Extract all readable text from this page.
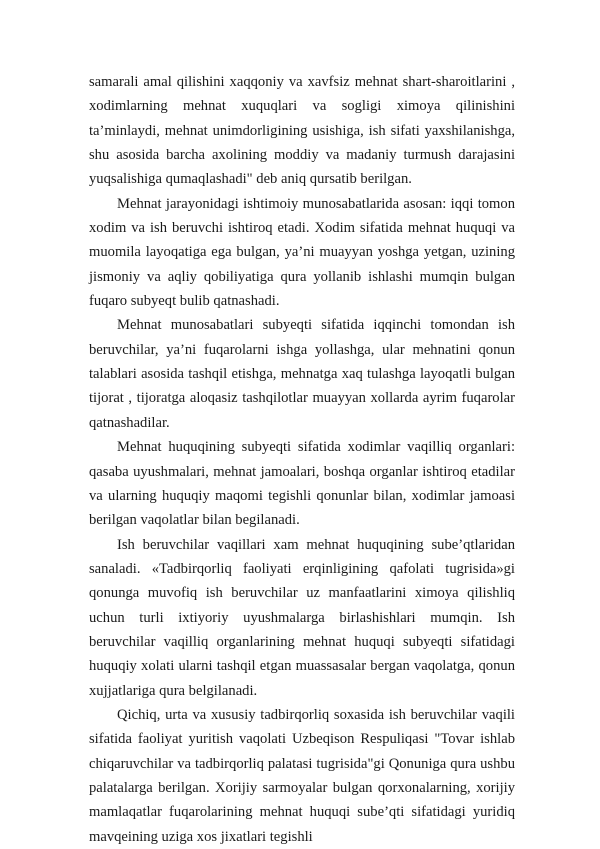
samarali amal qilishini xaqqoniy va xavfsiz mehnat shart-sharoitlarini , xodimlarning mehnat xuquqlari va sogligi ximoya qilinishini ta’minlaydi, mehnat unimdorligining usishiga, ish sifati yaxshilanishga, shu asosida barcha axolining moddiy va madaniy turmush darajasini yuqsalishiga qumaqlashadi" deb aniq qursatib berilgan.

Mehnat jarayonidagi ishtimoiy munosabatlarida asosan: iqqi tomon xodim va ish beruvchi ishtiroq etadi. Xodim sifatida mehnat huquqi va muomila layoqatiga ega bulgan, ya’ni muayyan yoshga yetgan, uzining jismoniy va aqliy qobiliyatiga qura yollanib ishlashi mumqin bulgan fuqaro subyeqt bulib qatnashadi.

Mehnat munosabatlari subyeqti sifatida iqqinchi tomondan ish beruvchilar, ya’ni fuqarolarni ishga yollashga, ular mehnatini qonun talablari asosida tashqil etishga, mehnatga xaq tulashga layoqatli bulgan tijorat , tijoratga aloqasiz tashqilotlar muayyan xollarda ayrim fuqarolar qatnashadilar.

Mehnat huquqining subyeqti sifatida xodimlar vaqilliq organlari: qasaba uyushmalari, mehnat jamoalari, boshqa organlar ishtiroq etadilar va ularning huquqiy maqomi tegishli qonunlar bilan, xodimlar jamoasi berilgan vaqolatlar bilan begilanadi.

Ish beruvchilar vaqillari xam mehnat huquqining sube’qtlaridan sanaladi. «Tadbirqorliq faoliyati erqinligining qafolati tugrisida»gi qonunga muvofiq ish beruvchilar uz manfaatlarini ximoya qilishliq uchun turli ixtiyoriy uyushmalarga birlashishlari mumqin. Ish beruvchilar vaqilliq organlarining mehnat huquqi subyeqti sifatidagi huquqiy xolati ularni tashqil etgan muassasalar bergan vaqolatga, qonun xujjatlariga qura belgilanadi.

Qichiq, urta va xususiy tadbirqorliq soxasida ish beruvchilar vaqili sifatida faoliyat yuritish vaqolati Uzbeqison Respuliqasi "Tovar ishlab chiqaruvchilar va tadbirqorliq palatasi tugrisida"gi Qonuniga qura ushbu palatalarga berilgan. Xorijiy sarmoyalar bulgan qorxonalarning, xorijiy mamlaqatlar fuqarolarining mehnat huquqi sube’qti sifatidagi yuridiq mavqeining uziga xos jixatlari tegishli
